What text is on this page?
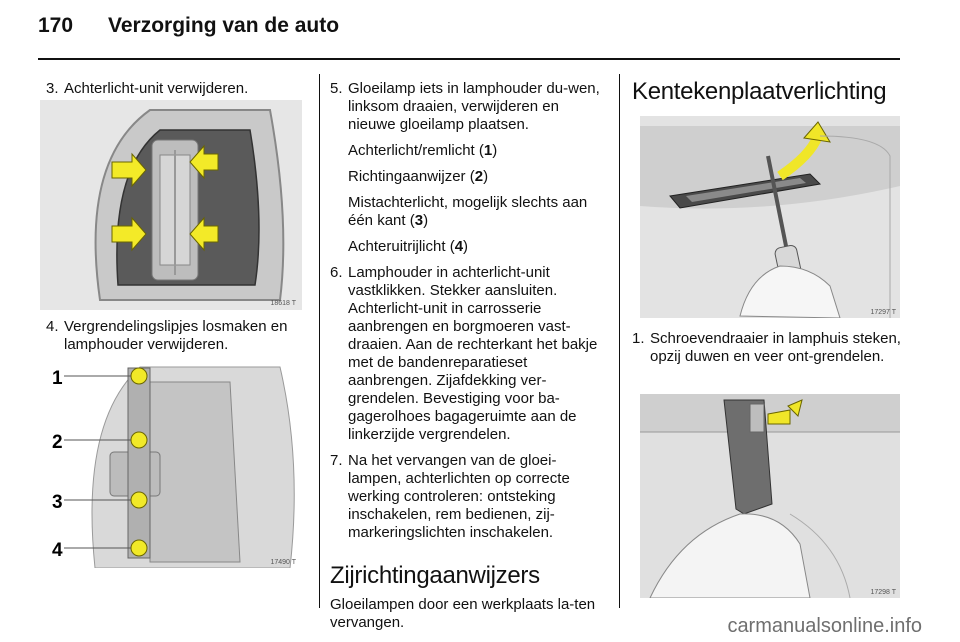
170 Verzorging van de auto

3. Achterlicht-unit verwijderen.

18618 T

4. Vergrendelingslipjes losmaken en lamphouder verwijderen.

1
2
3
4
17490 T

5. Gloeilamp iets in lamphouder du-wen, linksom draaien, verwijderen en nieuwe gloeilamp plaatsen.

Achterlicht/remlicht (1)
Richtingaanwijzer (2)
Mistachterlicht, mogelijk slechts aan één kant (3)
Achteruitrijlicht (4)

6. Lamphouder in achterlicht-unit vastklikken. Stekker aansluiten. Achterlicht-unit in carrosserie aanbrengen en borgmoeren vast-draaien. Aan de rechterkant het bakje met de bandenreparatieset aanbrengen. Zijafdekking ver-grendelen. Bevestiging voor ba-gagerolhoes bagageruimte aan de linkerzijde vergrendelen.

7. Na het vervangen van de gloei-lampen, achterlichten op correcte werking controleren: ontsteking inschakelen, rem bedienen, zij-markeringslichten inschakelen.

Zijrichtingaanwijzers

Gloeilampen door een werkplaats la-ten vervangen.

Kentekenplaatverlichting
17297 T

1. Schroevendraaier in lamphuis steken, opzij duwen en veer ont-grendelen.

17298 T
carmanualsonline.info
